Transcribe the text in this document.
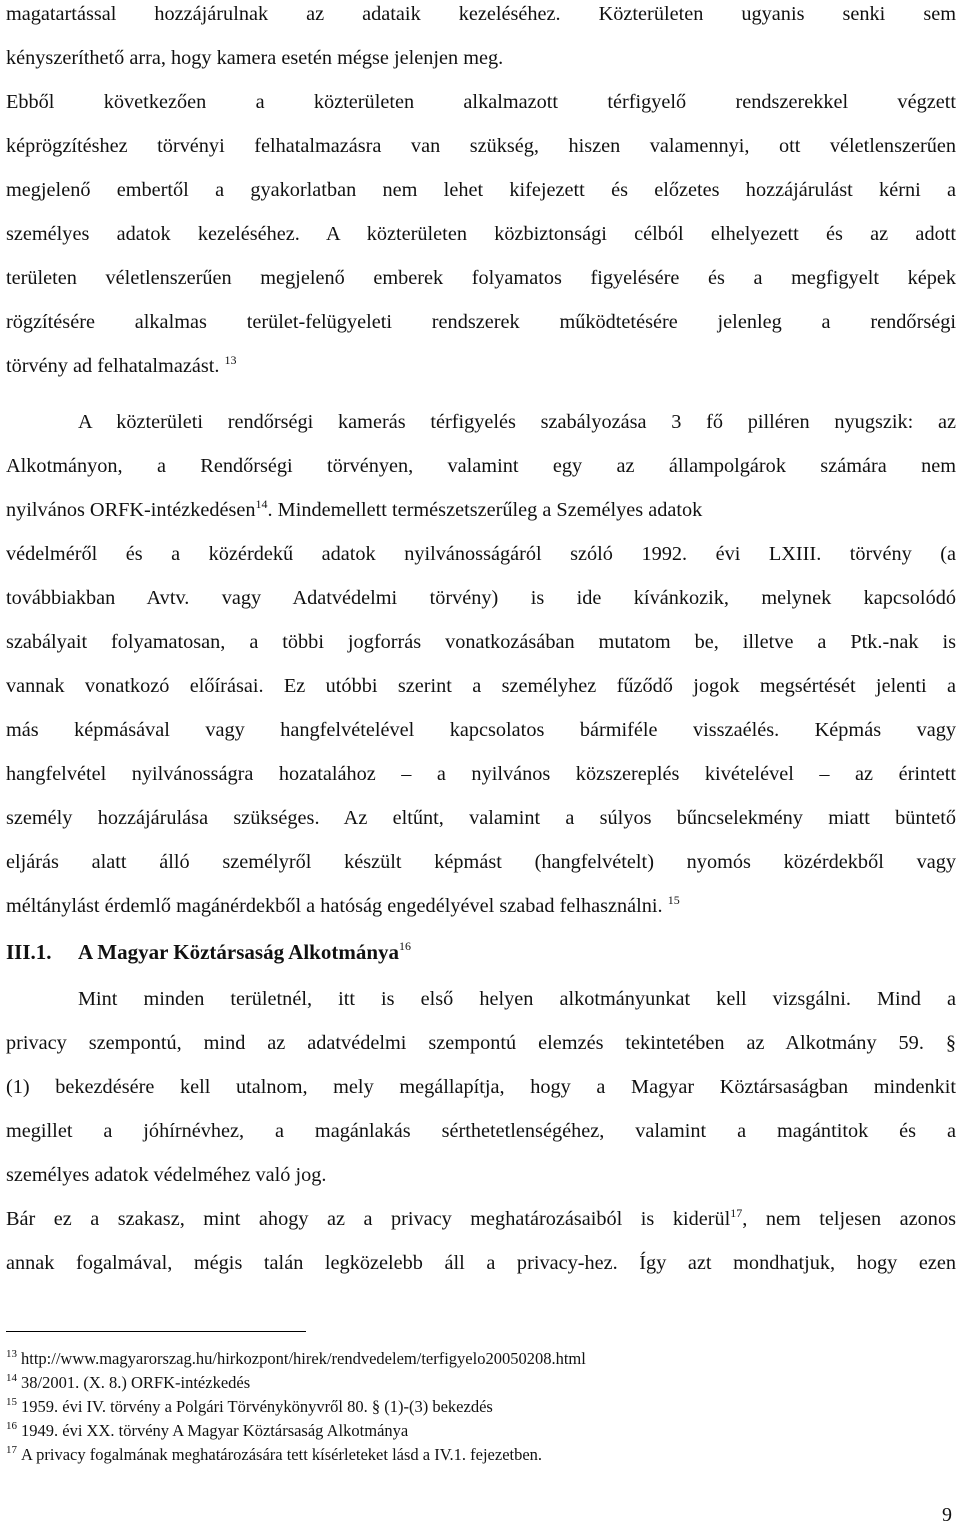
magatartással hozzájárulnak az adataik kezeléséhez. Közterületen ugyanis senki sem
kényszeríthető arra, hogy kamera esetén mégse jelenjen meg.
Ebből következően a közterületen alkalmazott térfigyelő rendszerekkel végzett
képrögzítéshez törvényi felhatalmazásra van szükség, hiszen valamennyi, ott véletlenszerűen
megjelenő embertől a gyakorlatban nem lehet kifejezett és előzetes hozzájárulást kérni a
személyes adatok kezeléséhez. A közterületen közbiztonsági célból elhelyezett és az adott
területen véletlenszerűen megjelenő emberek folyamatos figyelésére és a megfigyelt képek
rögzítésére alkalmas terület-felügyeleti rendszerek működtetésére jelenleg a rendőrségi
törvény ad felhatalmazást. $^{13}$
A közterületi rendőrségi kamerás térfigyelés szabályozása 3 fő pilléren nyugszik: az
Alkotmányon, a Rendőrségi törvényen, valamint egy az állampolgárok számára nem
nyilvános ORFK-intézkedésen$^{14}$. Mindemellett természetszerűleg a Személyes adatok
védelméről és a közérdekű adatok nyilvánosságáról szóló 1992. évi LXIII. törvény (a
továbbiakban Avtv. vagy Adatvédelmi törvény) is ide kívánkozik, melynek kapcsolódó
szabályait folyamatosan, a többi jogforrás vonatkozásában mutatom be, illetve a Ptk.-nak is
vannak vonatkozó előírásai. Ez utóbbi szerint a személyhez fűződő jogok megsértését jelenti a
más képmásával vagy hangfelvételével kapcsolatos bármiféle visszaélés. Képmás vagy
hangfelvétel nyilvánosságra hozatalához – a nyilvános közszereplés kivételével – az érintett
személy hozzájárulása szükséges. Az eltűnt, valamint a súlyos bűncselekmény miatt büntető
eljárás alatt álló személyről készült képmást (hangfelvételt) nyomós közérdekből vagy
méltánylást érdemlő magánérdekből a hatóság engedélyével szabad felhasználni. $^{15}$
III.1. A Magyar Köztársaság Alkotmánya$^{16}$
Mint minden területnél, itt is első helyen alkotmányunkat kell vizsgálni. Mind a
privacy szempontú, mind az adatvédelmi szempontú elemzés tekintetében az Alkotmány 59. §
(1) bekezdésére kell utalnom, mely megállapítja, hogy a Magyar Köztársaságban mindenkit
megillet a jóhírnévhez, a magánlakás sérthetetlenségéhez, valamint a magántitok és a
személyes adatok védelméhez való jog.
Bár ez a szakasz, mint ahogy az a privacy meghatározásaiból is kiderül$^{17}$, nem teljesen azonos
annak fogalmával, mégis talán legközelebb áll a privacy-hez. Így azt mondhatjuk, hogy ezen
$^{13}$ http://www.magyarorszag.hu/hirkozpont/hirek/rendvedelem/terfigyelo20050208.html
$^{14}$ 38/2001. (X. 8.) ORFK-intézkedés
$^{15}$ 1959. évi IV. törvény a Polgári Törvénykönyvről 80. § (1)-(3) bekezdés
$^{16}$ 1949. évi XX. törvény A Magyar Köztársaság Alkotmánya
$^{17}$ A privacy fogalmának meghatározására tett kísérleteket lásd a IV.1. fejezetben.
9
